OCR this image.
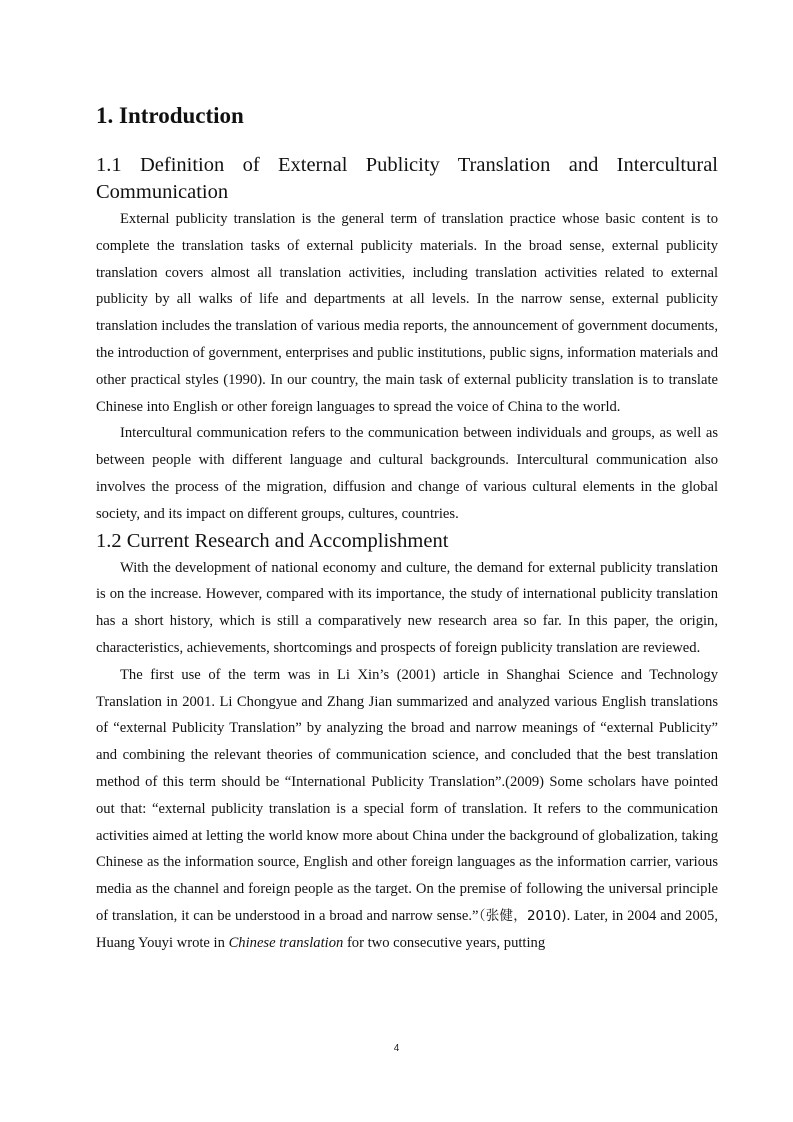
1. Introduction
1.1 Definition of External Publicity Translation and Intercultural Communication

External publicity translation is the general term of translation practice whose basic content is to complete the translation tasks of external publicity materials. In the broad sense, external publicity translation covers almost all translation activities, including translation activities related to external publicity by all walks of life and departments at all levels. In the narrow sense, external publicity translation includes the translation of various media reports, the announcement of government documents, the introduction of government, enterprises and public institutions, public signs, information materials and other practical styles (1990). In our country, the main task of external publicity translation is to translate Chinese into English or other foreign languages to spread the voice of China to the world.

Intercultural communication refers to the communication between individuals and groups, as well as between people with different language and cultural backgrounds. Intercultural communication also involves the process of the migration, diffusion and change of various cultural elements in the global society, and its impact on different groups, cultures, countries.

1.2 Current Research and Accomplishment

With the development of national economy and culture, the demand for external publicity translation is on the increase. However, compared with its importance, the study of international publicity translation has a short history, which is still a comparatively new research area so far. In this paper, the origin, characteristics, achievements, shortcomings and prospects of foreign publicity translation are reviewed.

The first use of the term was in Li Xin’s (2001) article in Shanghai Science and Technology Translation in 2001. Li Chongyue and Zhang Jian summarized and analyzed various English translations of “external Publicity Translation” by analyzing the broad and narrow meanings of “external Publicity” and combining the relevant theories of communication science, and concluded that the best translation method of this term should be “International Publicity Translation”.(2009) Some scholars have pointed out that: “external publicity translation is a special form of translation. It refers to the communication activities aimed at letting the world know more about China under the background of globalization, taking Chinese as the information source, English and other foreign languages as the information carrier, various media as the channel and foreign people as the target. On the premise of following the universal principle of translation, it can be understood in a broad and narrow sense.”（张健，2010). Later, in 2004 and 2005, Huang Youyi wrote in Chinese translation for two consecutive years, putting

4
